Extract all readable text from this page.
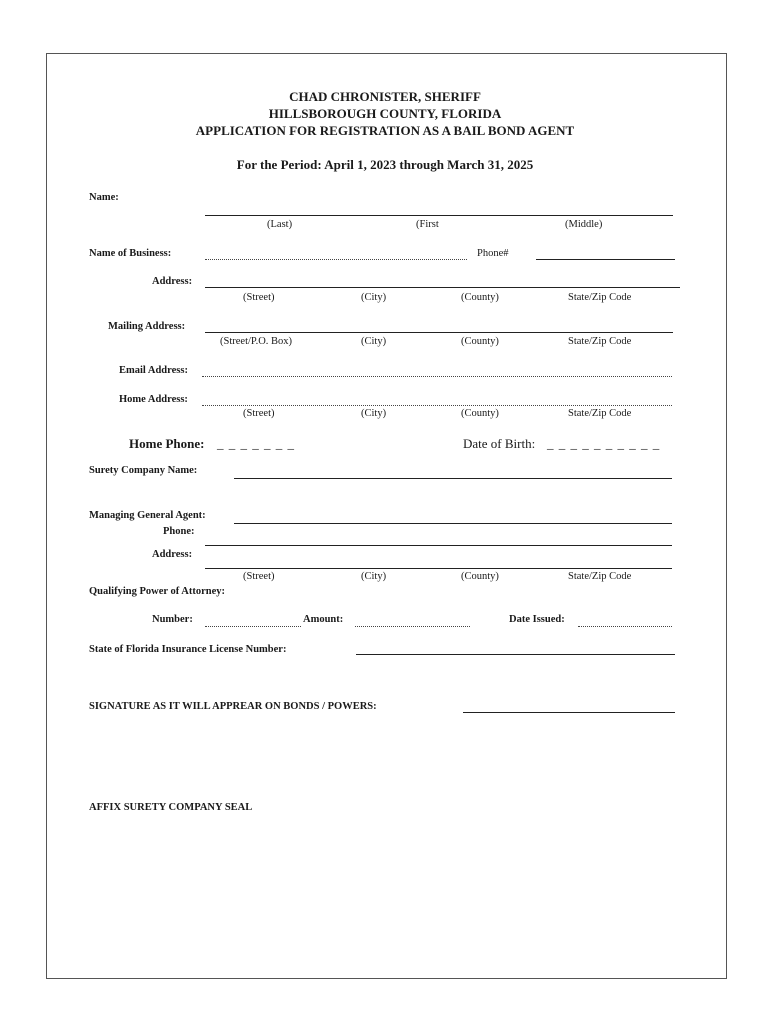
CHAD CHRONISTER, SHERIFF
HILLSBOROUGH COUNTY, FLORIDA
APPLICATION FOR REGISTRATION AS A BAIL BOND AGENT
For the Period: April 1, 2023 through March 31, 2025
Name:
(Last)	(First	(Middle)
Name of Business:	Phone#
Address:
(Street)	(City)	(County)	State/Zip Code
Mailing Address:
(Street/P.O. Box)	(City)	(County)	State/Zip Code
Email Address:
Home Address:
(Street)	(City)	(County)	State/Zip Code
Home Phone: _ _ _ _ _ _ _	Date of Birth: _ _ _ _ _ _ _ _ _ _
Surety Company Name:
Managing General Agent:
Phone:
Address:
(Street)	(City)	(County)	State/Zip Code
Qualifying Power of Attorney:
Number:	Amount:	Date Issued:
State of Florida Insurance License Number:
SIGNATURE AS IT WILL APPREAR ON BONDS / POWERS:
AFFIX SURETY COMPANY SEAL
